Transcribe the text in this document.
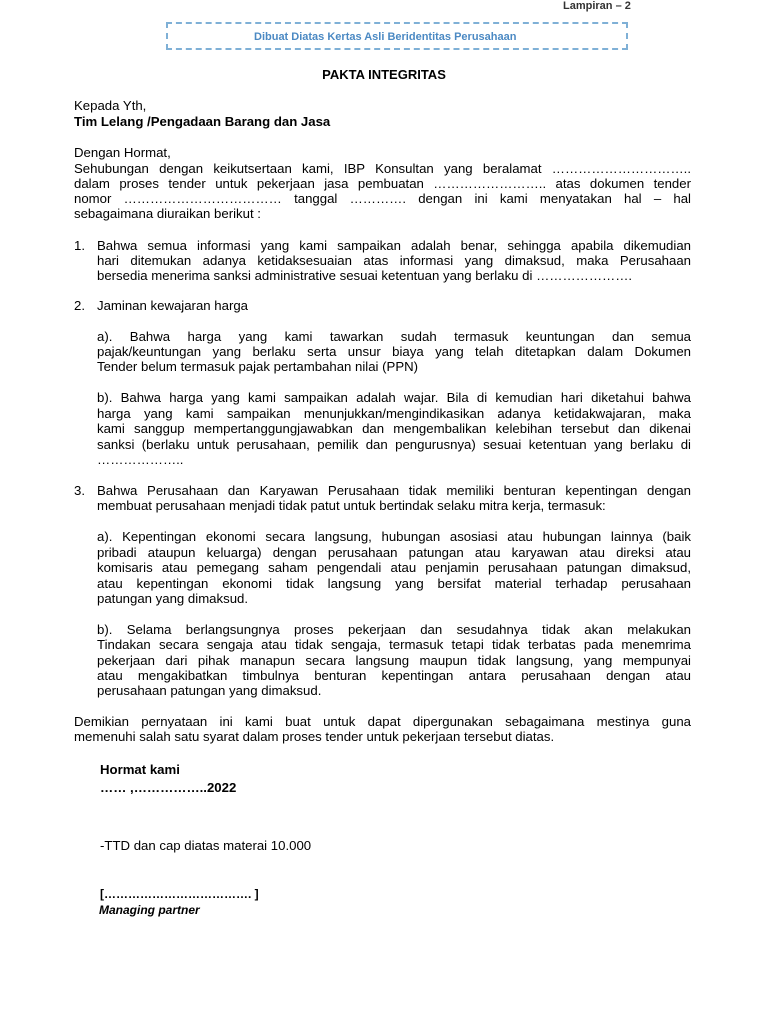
Lampiran – 2
Dibuat Diatas Kertas Asli Beridentitas Perusahaan
PAKTA INTEGRITAS
Kepada Yth,
Tim Lelang /Pengadaan Barang dan Jasa
Dengan Hormat,
Sehubungan dengan keikutsertaan kami, IBP Konsultan yang beralamat …………………………..
dalam proses tender untuk pekerjaan jasa pembuatan …………………….. atas dokumen tender
nomor ……………………………… tanggal …………. dengan ini kami menyatakan hal – hal
sebagaimana diuraikan berikut :
1. Bahwa semua informasi yang kami sampaikan adalah benar, sehingga apabila dikemudian
hari ditemukan adanya ketidaksesuaian atas informasi yang dimaksud, maka Perusahaan
bersedia menerima sanksi administrative sesuai ketentuan yang berlaku di ………………….
2. Jaminan kewajaran harga
a). Bahwa harga yang kami tawarkan sudah termasuk keuntungan dan semua
pajak/keuntungan yang berlaku serta unsur biaya yang telah ditetapkan dalam Dokumen
Tender belum termasuk pajak pertambahan nilai (PPN)
b). Bahwa harga yang kami sampaikan adalah wajar. Bila di kemudian hari diketahui bahwa
harga yang kami sampaikan menunjukkan/mengindikasikan adanya ketidakwajaran, maka
kami sanggup mempertanggungjawabkan dan mengembalikan kelebihan tersebut dan dikenai
sanksi (berlaku untuk perusahaan, pemilik dan pengurusnya) sesuai ketentuan yang berlaku di
………………..
3. Bahwa Perusahaan dan Karyawan Perusahaan tidak memiliki benturan kepentingan dengan
membuat perusahaan menjadi tidak patut untuk bertindak selaku mitra kerja, termasuk:
a). Kepentingan ekonomi secara langsung, hubungan asosiasi atau hubungan lainnya (baik
pribadi ataupun keluarga) dengan perusahaan patungan atau karyawan atau direksi atau
komisaris atau pemegang saham pengendali atau penjamin perusahaan patungan dimaksud,
atau kepentingan ekonomi tidak langsung yang bersifat material terhadap perusahaan
patungan yang dimaksud.
b). Selama berlangsungnya proses pekerjaan dan sesudahnya tidak akan melakukan
Tindakan secara sengaja atau tidak sengaja, termasuk tetapi tidak terbatas pada menemrima
pekerjaan dari pihak manapun secara langsung maupun tidak langsung, yang mempunyai
atau mengakibatkan timbulnya benturan kepentingan antara perusahaan dengan atau
perusahaan patungan yang dimaksud.
Demikian pernyataan ini kami buat untuk dapat dipergunakan sebagaimana mestinya guna
memenuhi salah satu syarat dalam proses tender untuk pekerjaan tersebut diatas.
Hormat kami
…… ,……………..2022
-TTD dan cap diatas materai 10.000
[………………………………. ]
Managing partner
